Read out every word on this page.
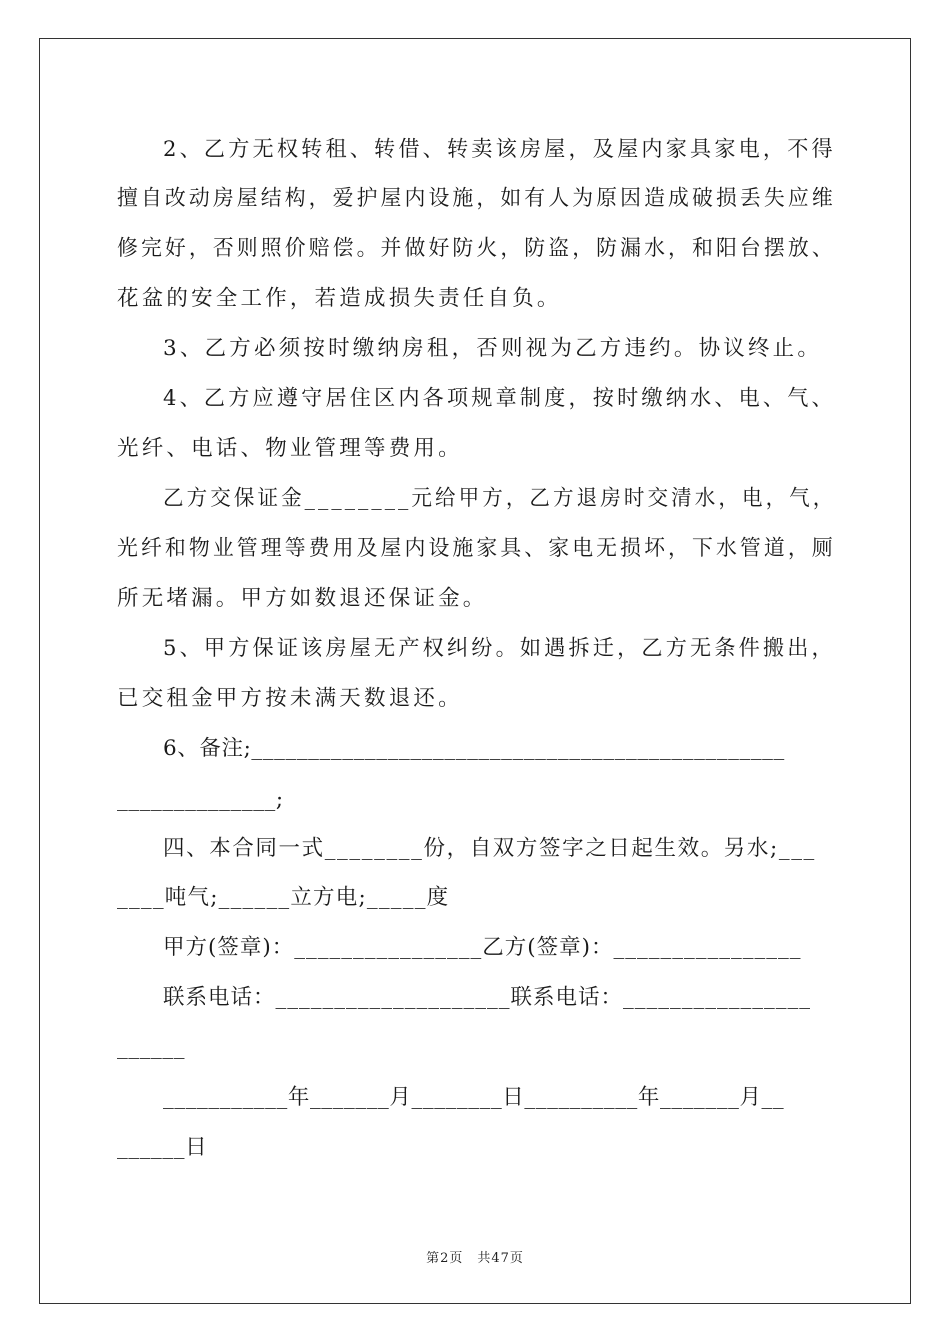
2、乙方无权转租、转借、转卖该房屋，及屋内家具家电，不得
擅自改动房屋结构，爱护屋内设施，如有人为原因造成破损丢失应维
修完好，否则照价赔偿。并做好防火，防盗，防漏水，和阳台摆放、
花盆的安全工作，若造成损失责任自负。
3、乙方必须按时缴纳房租，否则视为乙方违约。协议终止。
4、乙方应遵守居住区内各项规章制度，按时缴纳水、电、气、
光纤、电话、物业管理等费用。
乙方交保证金________元给甲方，乙方退房时交清水，电，气，
光纤和物业管理等费用及屋内设施家具、家电无损坏，下水管道，厕
所无堵漏。甲方如数退还保证金。
5、甲方保证该房屋无产权纠纷。如遇拆迁，乙方无条件搬出，
已交租金甲方按未满天数退还。
6、备注;_______________________________________________
______________;
四、本合同一式________份，自双方签字之日起生效。另水;___
____吨气;______立方电;_____度
甲方(签章)：________________乙方(签章)：________________
联系电话：____________________联系电话：________________
______
___________年_______月________日__________年_______月__
______日
第2页　共47页
